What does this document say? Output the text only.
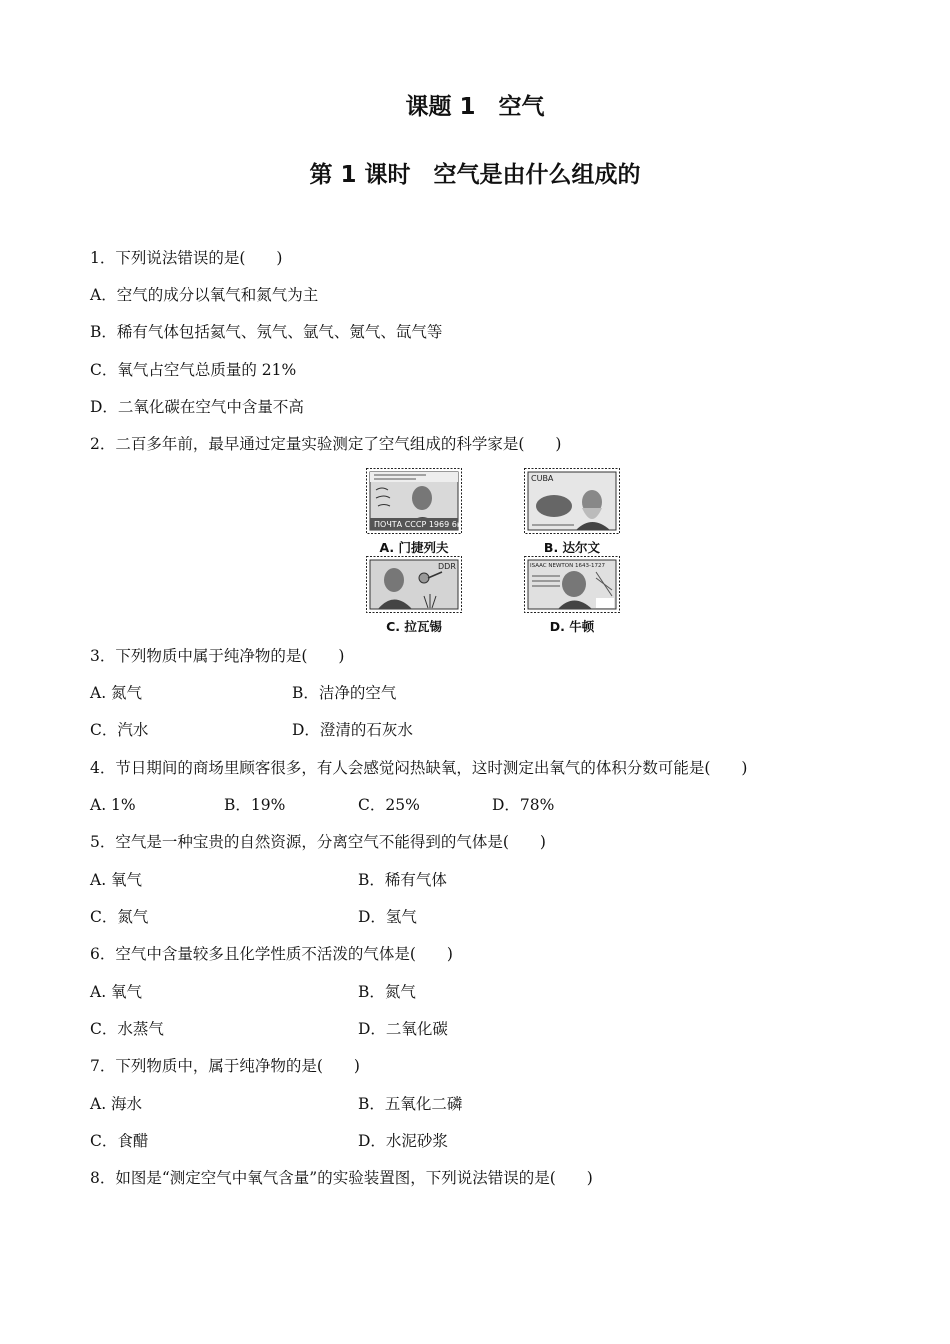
课题 1　空气
第 1 课时　空气是由什么组成的
1．下列说法错误的是(　　)
A．空气的成分以氧气和氮气为主
B．稀有气体包括氦气、氖气、氩气、氪气、氙气等
C．氧气占空气总质量的 21%
D．二氧化碳在空气中含量不高
2．二百多年前，最早通过定量实验测定了空气组成的科学家是(　　)
ПОЧТА СССР 1969 6к
A. 门捷列夫
CUBA
B. 达尔文
DDR
C. 拉瓦锡
ISAAC NEWTON 1643-1727
D. 牛顿
3．下列物质中属于纯净物的是(　　)
A. 氮气	B．洁净的空气
C．汽水	D．澄清的石灰水
4．节日期间的商场里顾客很多，有人会感觉闷热缺氧，这时测定出氧气的体积分数可能是(　　)
A. 1%	B．19%	C．25%	D．78%
5．空气是一种宝贵的自然资源，分离空气不能得到的气体是(　　)
A. 氧气	B．稀有气体
C．氮气	D．氢气
6．空气中含量较多且化学性质不活泼的气体是(　　)
A. 氧气	B．氮气
C．水蒸气	D．二氧化碳
7．下列物质中，属于纯净物的是(　　)
A. 海水	B．五氧化二磷
C．食醋	D．水泥砂浆
8．如图是“测定空气中氧气含量”的实验装置图，下列说法错误的是(　　)
